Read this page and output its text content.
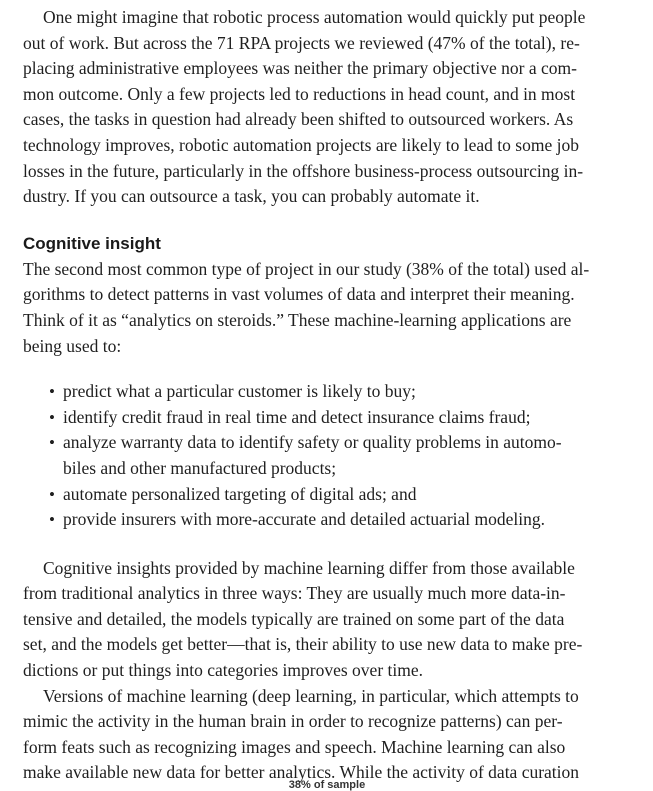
One might imagine that robotic process automation would quickly put people
out of work. But across the 71 RPA projects we reviewed (47% of the total), re-
placing administrative employees was neither the primary objective nor a com-
mon outcome. Only a few projects led to reductions in head count, and in most
cases, the tasks in question had already been shifted to outsourced workers. As
technology improves, robotic automation projects are likely to lead to some job
losses in the future, particularly in the offshore business-process outsourcing in-
dustry. If you can outsource a task, you can probably automate it.
Cognitive insight
The second most common type of project in our study (38% of the total) used al-
gorithms to detect patterns in vast volumes of data and interpret their meaning.
Think of it as “analytics on steroids.” These machine-learning applications are
being used to:
• predict what a particular customer is likely to buy;
• identify credit fraud in real time and detect insurance claims fraud;
• analyze warranty data to identify safety or quality problems in automo-
biles and other manufactured products;
• automate personalized targeting of digital ads; and
• provide insurers with more-accurate and detailed actuarial modeling.
Cognitive insights provided by machine learning differ from those available
from traditional analytics in three ways: They are usually much more data-in-
tensive and detailed, the models typically are trained on some part of the data
set, and the models get better—that is, their ability to use new data to make pre-
dictions or put things into categories improves over time.
Versions of machine learning (deep learning, in particular, which attempts to
mimic the activity in the human brain in order to recognize patterns) can per-
form feats such as recognizing images and speech. Machine learning can also
make available new data for better analytics. While the activity of data curation
38% of sample
